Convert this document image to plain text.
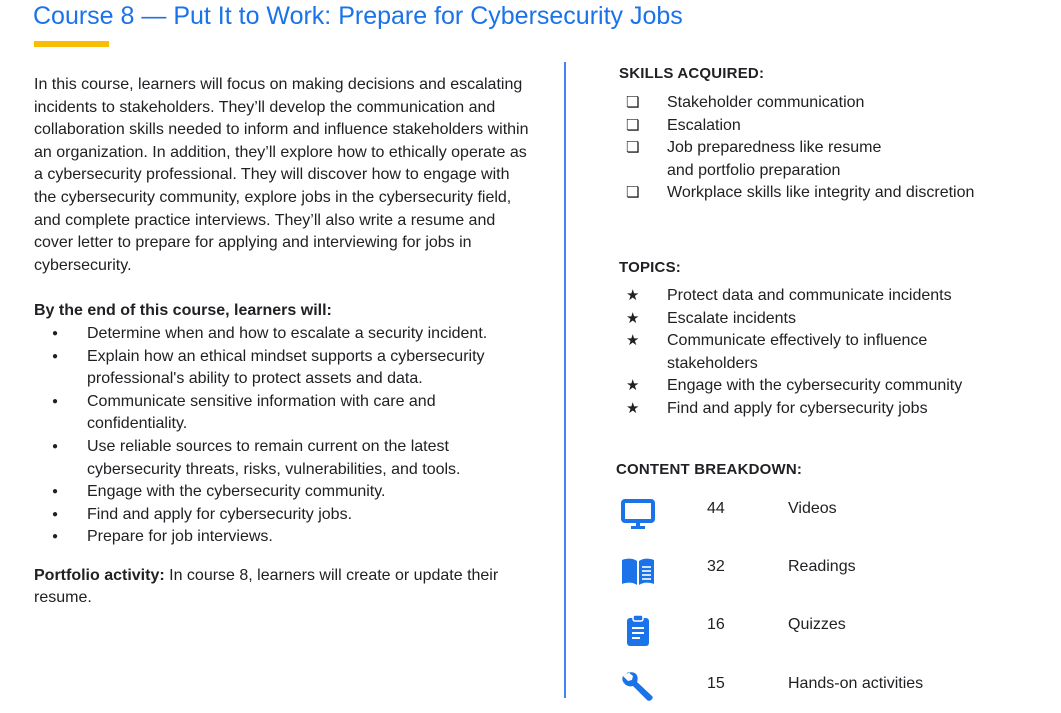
Course 8 — Put It to Work: Prepare for Cybersecurity Jobs

In this course, learners will focus on making decisions and escalating incidents to stakeholders. They’ll develop the communication and collaboration skills needed to inform and influence stakeholders within an organization. In addition, they’ll explore how to ethically operate as a cybersecurity professional. They will discover how to engage with the cybersecurity community, explore jobs in the cybersecurity field, and complete practice interviews. They’ll also write a resume and cover letter to prepare for applying and interviewing for jobs in cybersecurity.

By the end of this course, learners will:

● Determine when and how to escalate a security incident.
● Explain how an ethical mindset supports a cybersecurity professional's ability to protect assets and data.
● Communicate sensitive information with care and confidentiality.
● Use reliable sources to remain current on the latest cybersecurity threats, risks, vulnerabilities, and tools.
● Engage with the cybersecurity community.
● Find and apply for cybersecurity jobs.
● Prepare for job interviews.

Portfolio activity: In course 8, learners will create or update their resume.

SKILLS ACQUIRED:
❏ Stakeholder communication
❏ Escalation
❏ Job preparedness like resume and portfolio preparation
❏ Workplace skills like integrity and discretion
TOPICS:
★ Protect data and communicate incidents
★ Escalate incidents
★ Communicate effectively to influence stakeholders
★ Engage with the cybersecurity community
★ Find and apply for cybersecurity jobs
CONTENT BREAKDOWN:
44	Videos
32	Readings
16	Quizzes
15	Hands-on activities
